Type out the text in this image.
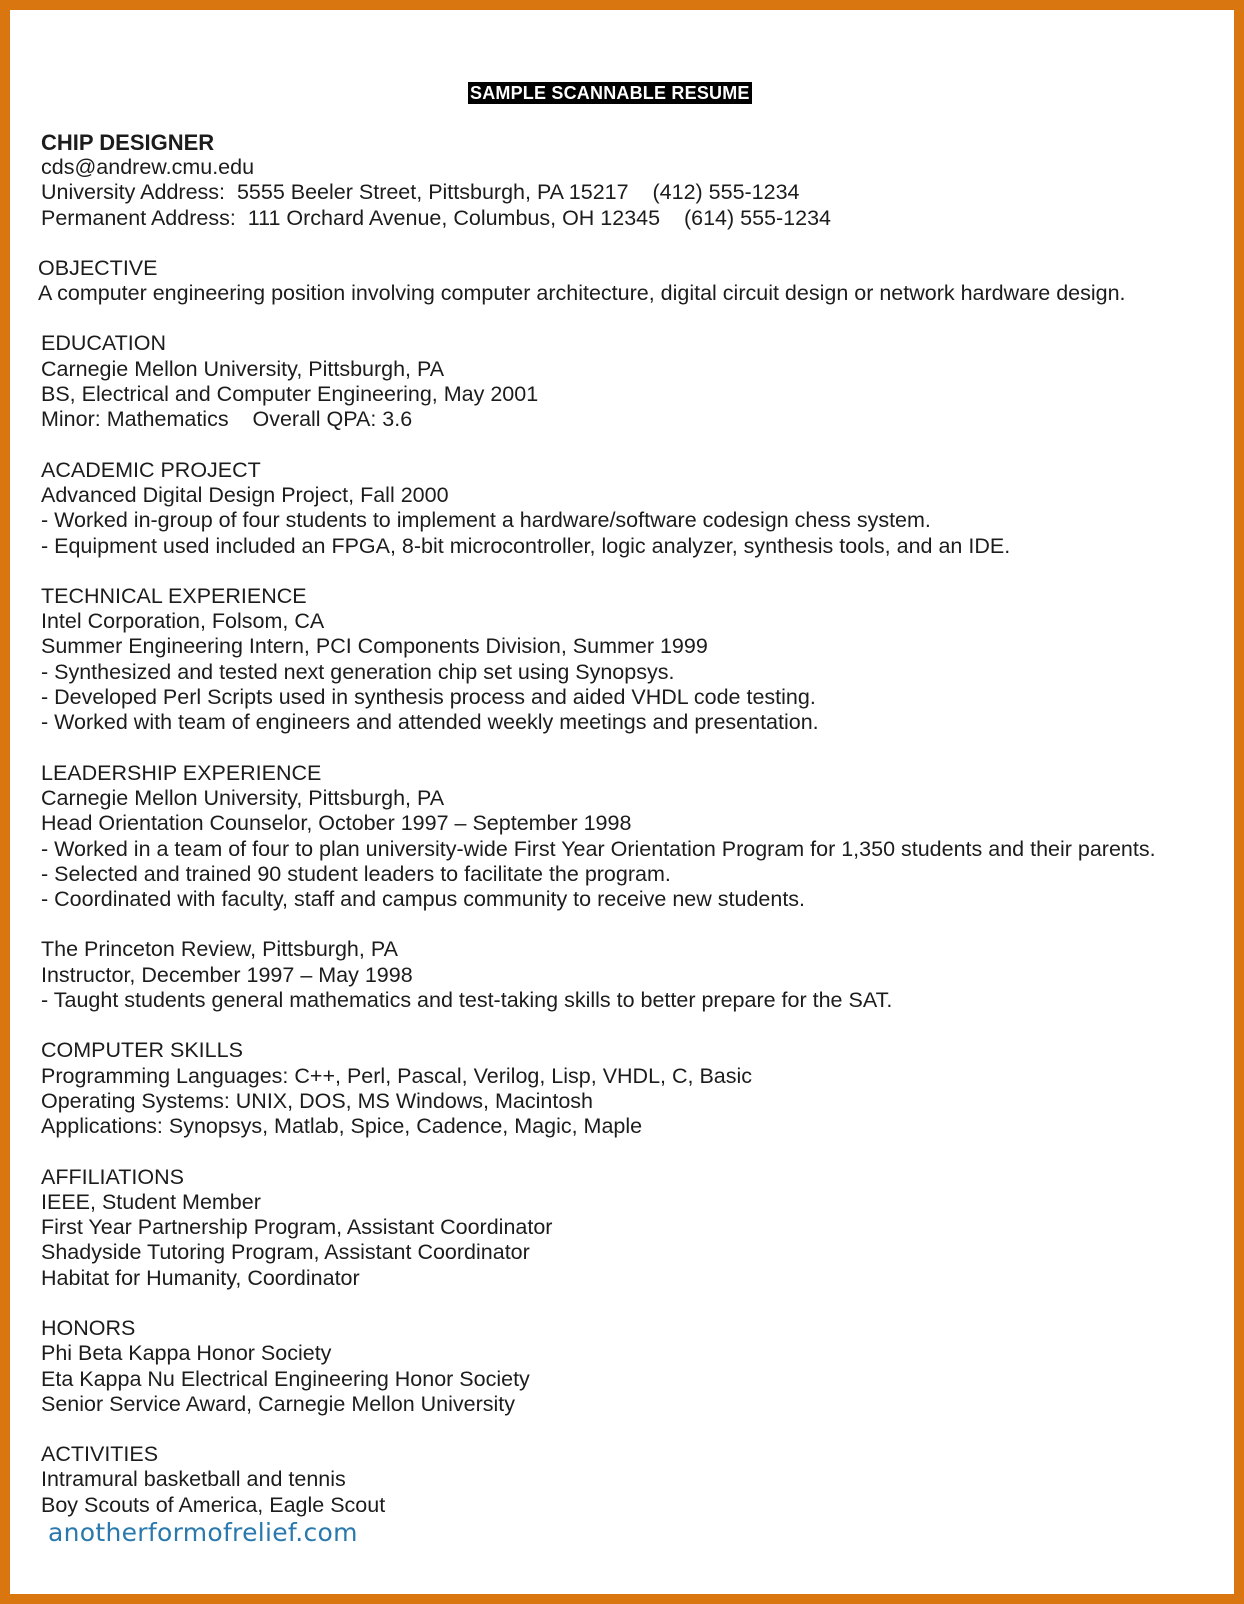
SAMPLE SCANNABLE RESUME
CHIP DESIGNER
cds@andrew.cmu.edu
University Address:  5555 Beeler Street, Pittsburgh, PA 15217    (412) 555-1234
Permanent Address:  111 Orchard Avenue, Columbus, OH 12345    (614) 555-1234
OBJECTIVE
A computer engineering position involving computer architecture, digital circuit design or network hardware design.
EDUCATION
Carnegie Mellon University, Pittsburgh, PA
BS, Electrical and Computer Engineering, May 2001
Minor: Mathematics    Overall QPA: 3.6
ACADEMIC PROJECT
Advanced Digital Design Project, Fall 2000
- Worked in-group of four students to implement a hardware/software codesign chess system.
- Equipment used included an FPGA, 8-bit microcontroller, logic analyzer, synthesis tools, and an IDE.
TECHNICAL EXPERIENCE
Intel Corporation, Folsom, CA
Summer Engineering Intern, PCI Components Division, Summer 1999
- Synthesized and tested next generation chip set using Synopsys.
- Developed Perl Scripts used in synthesis process and aided VHDL code testing.
- Worked with team of engineers and attended weekly meetings and presentation.
LEADERSHIP EXPERIENCE
Carnegie Mellon University, Pittsburgh, PA
Head Orientation Counselor, October 1997 – September 1998
- Worked in a team of four to plan university-wide First Year Orientation Program for 1,350 students and their parents.
- Selected and trained 90 student leaders to facilitate the program.
- Coordinated with faculty, staff and campus community to receive new students.
The Princeton Review, Pittsburgh, PA
Instructor, December 1997 – May 1998
- Taught students general mathematics and test-taking skills to better prepare for the SAT.
COMPUTER SKILLS
Programming Languages: C++, Perl, Pascal, Verilog, Lisp, VHDL, C, Basic
Operating Systems: UNIX, DOS, MS Windows, Macintosh
Applications: Synopsys, Matlab, Spice, Cadence, Magic, Maple
AFFILIATIONS
IEEE, Student Member
First Year Partnership Program, Assistant Coordinator
Shadyside Tutoring Program, Assistant Coordinator
Habitat for Humanity, Coordinator
HONORS
Phi Beta Kappa Honor Society
Eta Kappa Nu Electrical Engineering Honor Society
Senior Service Award, Carnegie Mellon University
ACTIVITIES
Intramural basketball and tennis
Boy Scouts of America, Eagle Scout
anotherformofrelief.com
